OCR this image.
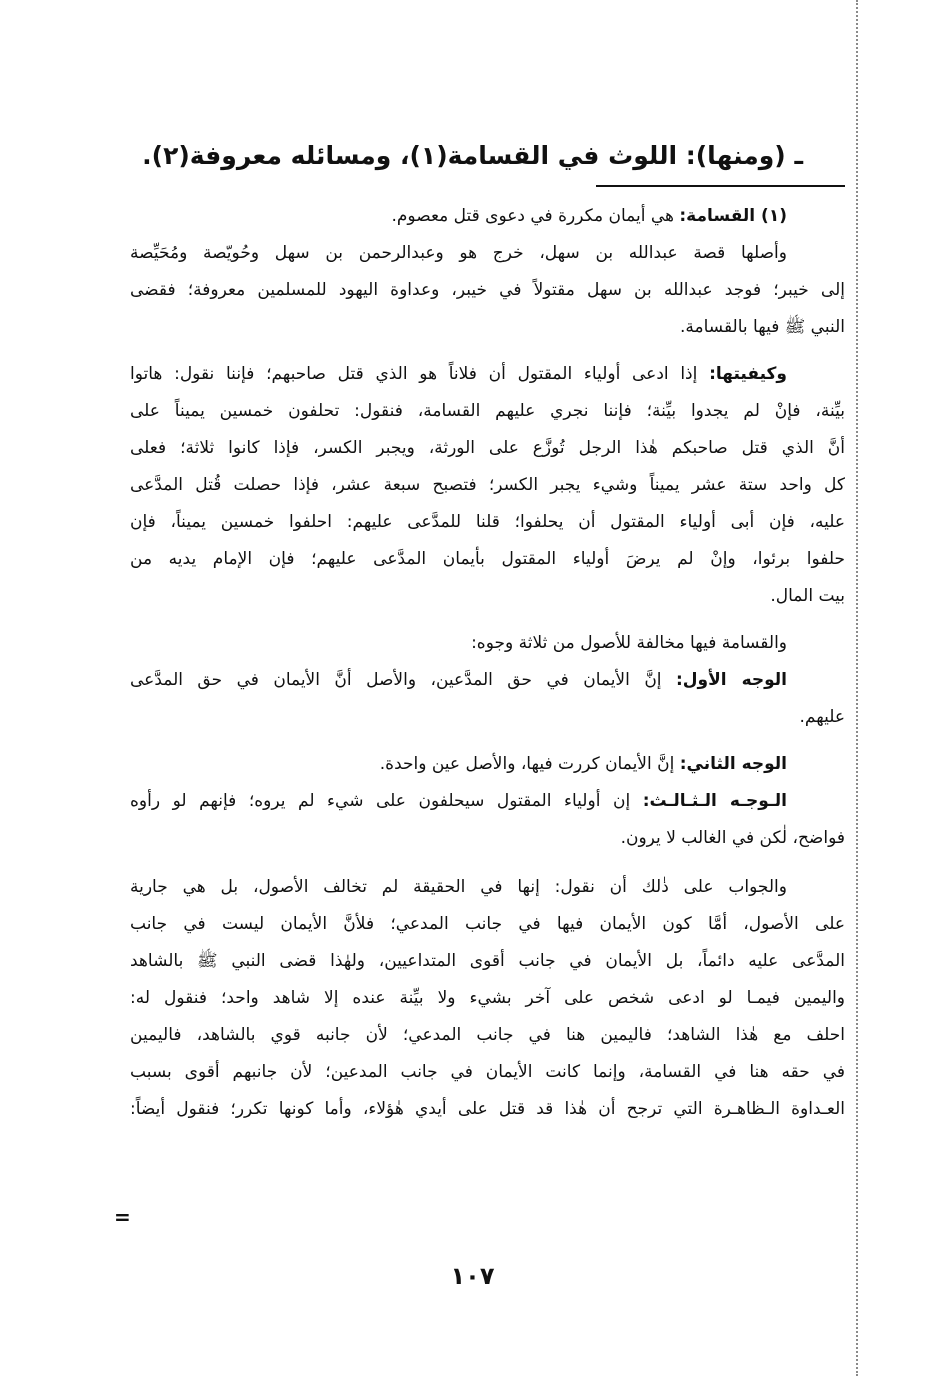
ـ (ومنها): اللوث في القسامة(١)، ومسائله معروفة(٢).
(١) القسامة: هي أيمان مكررة في دعوى قتل معصوم.
وأصلها قصة عبدالله بن سهل، خرج هو وعبدالرحمن بن سهل وحُويّصة ومُحَيِّصة
إلى خيبر؛ فوجد عبدالله بن سهل مقتولاً في خيبر، وعداوة اليهود للمسلمين معروفة؛ فقضى
النبي ﷺ فيها بالقسامة.
وكيفيتها: إذا ادعى أولياء المقتول أن فلاناً هو الذي قتل صاحبهم؛ فإننا نقول: هاتوا
بيِّنة، فإنْ لم يجدوا بيِّنة؛ فإننا نجري عليهم القسامة، فنقول: تحلفون خمسين يميناً على
أنَّ الذي قتل صاحبكم هٰذا الرجل تُوزَّع على الورثة، ويجبر الكسر، فإذا كانوا ثلاثة؛ فعلى
كل واحد ستة عشر يميناً وشيء يجبر الكسر؛ فتصبح سبعة عشر، فإذا حصلت قُتل المدَّعى
عليه، فإن أبى أولياء المقتول أن يحلفوا؛ قلنا للمدَّعى عليهم: احلفوا خمسين يميناً، فإن
حلفوا برئوا، وإنْ لم يرضَ أولياء المقتول بأيمان المدَّعى عليهم؛ فإن الإمام يديه من
بيت المال.
والقسامة فيها مخالفة للأصول من ثلاثة وجوه:
الوجه الأول: إنَّ الأيمان في حق المدَّعين، والأصل أنَّ الأيمان في حق المدَّعى
عليهم.
الوجه الثاني: إنَّ الأيمان كررت فيها، والأصل عين واحدة.
الـوجـه الـثـالـث: إن أولياء المقتول سيحلفون على شيء لم يروه؛ فإنهم لو رأوه
فواضح، لٰكن في الغالب لا يرون.
والجواب على ذٰلك أن نقول: إنها في الحقيقة لم تخالف الأصول، بل هي جارية
على الأصول، أمَّا كون الأيمان فيها في جانب المدعي؛ فلأنَّ الأيمان ليست في جانب
المدَّعى عليه دائماً، بل الأيمان في جانب أقوى المتداعيين، ولهٰذا قضى النبي ﷺ بالشاهد
واليمين فيمـا لو ادعى شخص على آخر بشيء ولا بيِّنة عنده إلا شاهد واحد؛ فنقول له:
احلف مع هٰذا الشاهد؛ فاليمين هنا في جانب المدعي؛ لأن جانبه قوي بالشاهد، فاليمين
في حقه هنا في القسامة، وإنما كانت الأيمان في جانب المدعين؛ لأن جانبهم أقوى بسبب
العـداوة الـظاهـرة التي ترجح أن هٰذا قد قتل على أيدي هٰؤلاء، وأما كونها تكرر؛ فنقول أيضاً:
=
١٠٧
